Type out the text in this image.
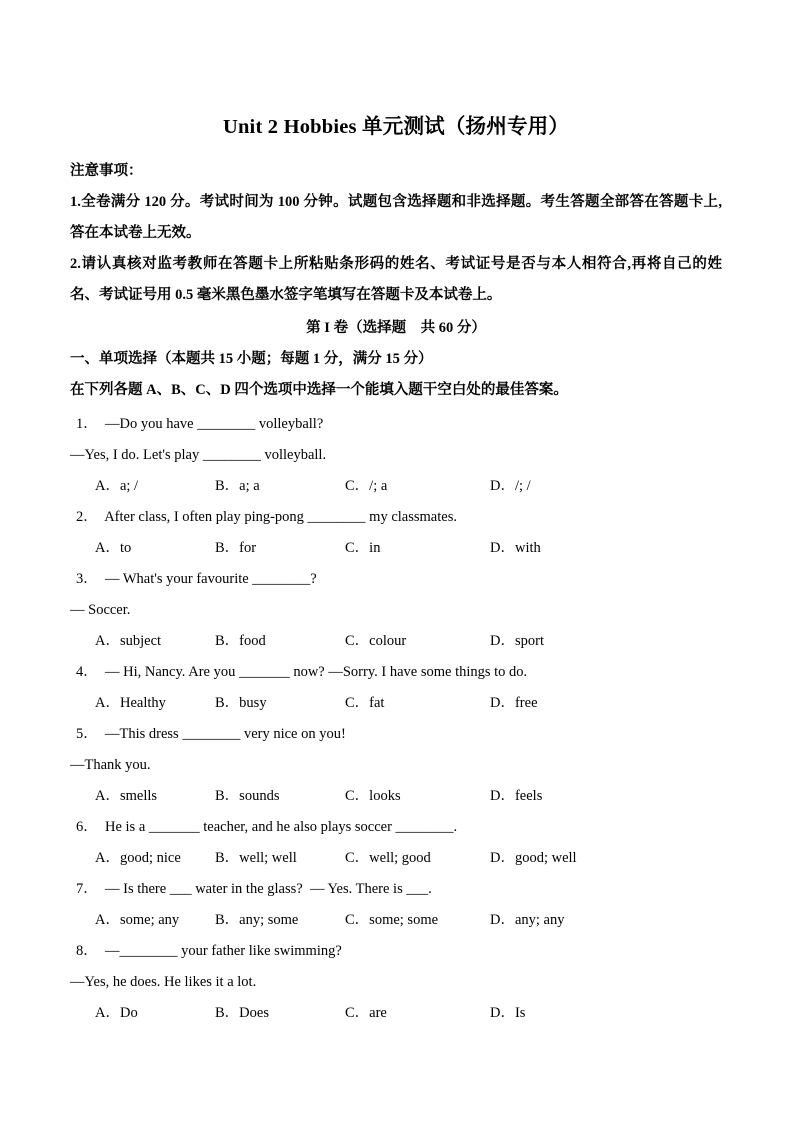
Unit 2 Hobbies 单元测试（扬州专用）

注意事项：

1.全卷满分 120 分。考试时间为 100 分钟。试题包含选择题和非选择题。考生答题全部答在答题卡上, 答在本试卷上无效。

2.请认真核对监考教师在答题卡上所粘贴条形码的姓名、考试证号是否与本人相符合,再将自己的姓名、考试证号用 0.5 毫米黑色墨水签字笔填写在答题卡及本试卷上。

第 I 卷（选择题　共 60 分）

一、单项选择（本题共 15 小题；每题 1 分，满分 15 分）

在下列各题 A、B、C、D 四个选项中选择一个能填入题干空白处的最佳答案。

1．  —Do you have ________ volleyball?

—Yes, I do. Let's play ________ volleyball.

A．a; /	B．a; a	C．/; a	D．/; /

2．  After class, I often play ping-pong ________ my classmates.

A．to	B．for	C．in	D．with

3．  — What's your favourite ________?

— Soccer.

A．subject	B．food	C．colour	D．sport

4．  — Hi, Nancy. Are you _______ now? —Sorry. I have some things to do.

A．Healthy	B．busy	C．fat	D．free

5．  —This dress ________ very nice on you!

—Thank you.

A．smells	B．sounds	C．looks	D．feels

6．  He is a _______ teacher, and he also plays soccer ________.

A．good; nice B．well; well	C．well; good	D．good; well

7．  — Is there ___ water in the glass?  — Yes. There is ___.

A．some; any B．any; some	C．some; some	D．any; any

8．  —________ your father like swimming?

—Yes, he does. He likes it a lot.

A．Do	B．Does	C．are	D．Is
